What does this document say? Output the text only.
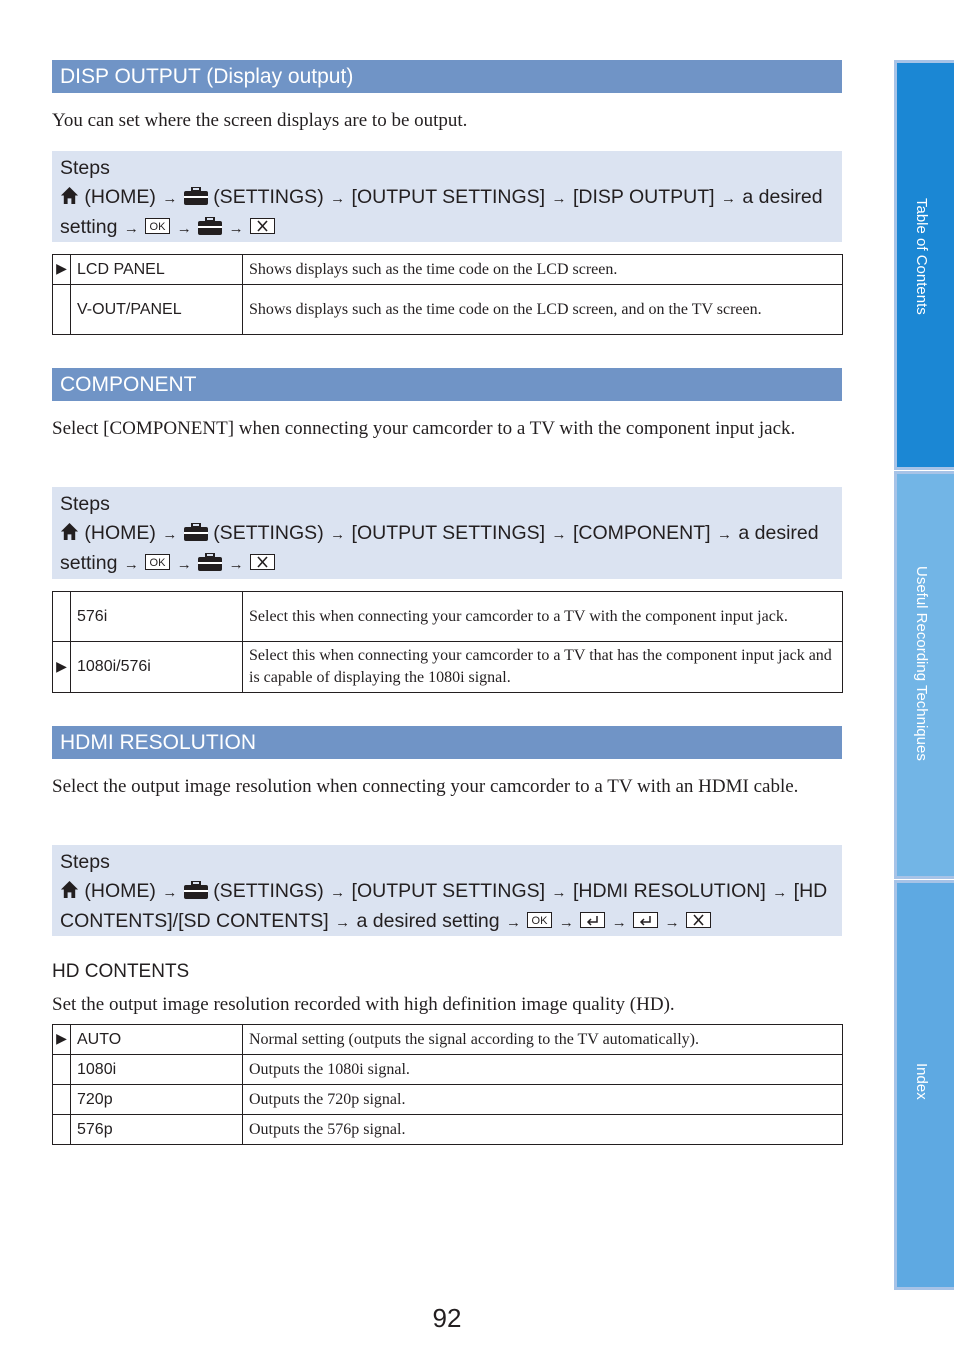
DISP OUTPUT (Display output)
You can set where the screen displays are to be output.
Steps
(HOME) → (SETTINGS) → [OUTPUT SETTINGS] → [DISP OUTPUT] → a desired
setting →	→ →
▶	LCD PANEL	Shows displays such as the time code on the LCD screen.
	V-OUT/PANEL	Shows displays such as the time code on the LCD screen, and on the TV screen.
COMPONENT
Select [COMPONENT] when connecting your camcorder to a TV with the component input jack.
Steps
(HOME) → (SETTINGS) → [OUTPUT SETTINGS] → [COMPONENT] → a desired
setting →	→ →
	576i	Select this when connecting your camcorder to a TV with the component input jack.
▶	1080i/576i	Select this when connecting your camcorder to a TV that has the component input jack and is capable of displaying the 1080i signal.
HDMI RESOLUTION
Select the output image resolution when connecting your camcorder to a TV with an HDMI cable.
Steps
(HOME) → (SETTINGS) → [OUTPUT SETTINGS] → [HDMI RESOLUTION] → [HD
CONTENTS]/[SD CONTENTS] → a desired setting →	→	→	→
HD CONTENTS
Set the output image resolution recorded with high definition image quality (HD).
▶	AUTO	Normal setting (outputs the signal according to the TV automatically).
	1080i	Outputs the 1080i signal.
	720p	Outputs the 720p signal.
	576p	Outputs the 576p signal.
Table of Contents
Useful Recording Techniques
Index
92
